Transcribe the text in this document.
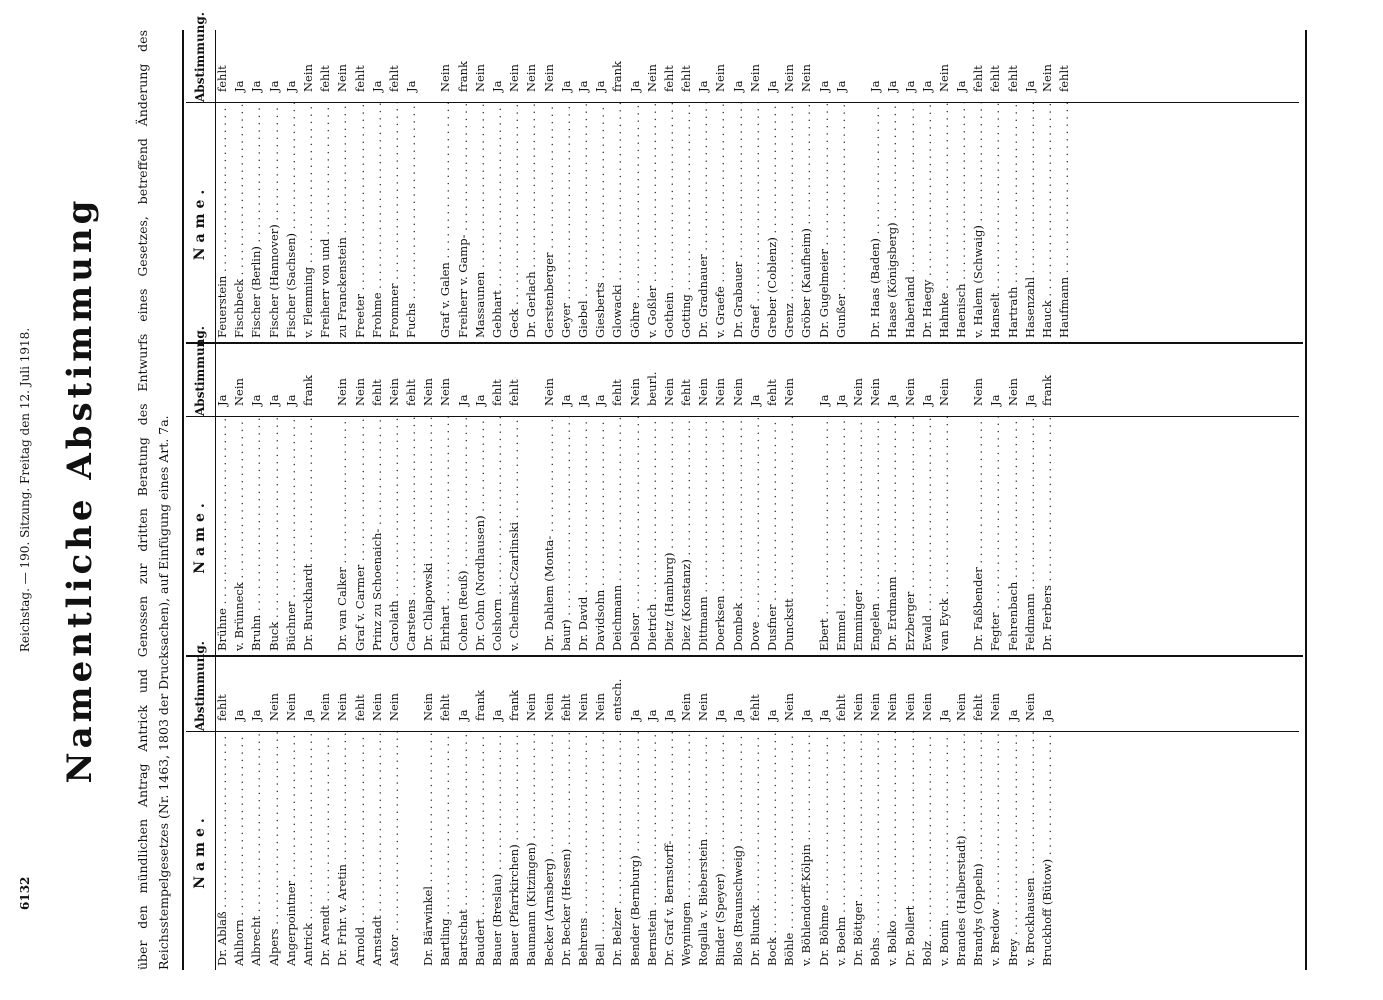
6132
Reichstag. — 190. Sitzung. Freitag den 12. Juli 1918. Namentliche Abstimmung	über den mündlichen Antrag Antrick und Genossen zur dritten Beratung des Entwurfs eines Gesetzes, betreffend Änderung des Reichsstempelgesetzes (Nr. 1463, 1803 der Drucksachen), auf Einfügung eines Art. 7a.	Name.
Abstimmung.
Dr. Ablaß . . .
fehlt
Ahlhorn . . .
Ja
Albrecht . . .
Ja
Alpers . . .
Nein
Angerpointner . . .
Nein
Antrick . . .
Ja
Dr. Arendt . . .
Nein
Dr. Frhr. v. Aretin . . .
Nein
Arnold . . .
fehlt
Arnstadt . . .
Nein
Astor . . .
Nein
Dr. Bärwinkel . . .
Nein
Bartling . . .
fehlt
Bartschat . . .
Ja
Baudert . . .
frank
Bauer (Breslau) . . .
Ja
Bauer (Pfarrkirchen) . . .
frank
Baumann (Kitzingen) . . .
Nein
Becker (Arnsberg) . . .
Nein
Dr. Becker (Hessen) . . .
fehlt
Behrens . . .
Nein
Bell . . .
Nein
Dr. Belzer . . .
entsch.
Bender (Bernburg) . . .
Ja
Bernstein . . .
Ja
Dr. Graf v. Bernstorff- . . .
Ja
Weyningen . . .
Nein
Rogalla v. Bieberstein . . .
Nein
Binder (Speyer) . . .
Ja
Blos (Braunschweig) . . .
Ja
Dr. Blunck . . .
fehlt
Bock . . .
Ja
Böhle . . .
Nein
v. Böhlendorff-Kölpin . . .
Ja
Dr. Böhme . . .
Ja
v. Boehn . . .
fehlt
Dr. Böttger . . .
Nein
Bohs . . .
Nein
v. Bolko . . .
Nein
Dr. Bollert . . .
Nein
Bolz . . .
Nein
v. Bonin . . .
Ja
Brandes (Halberstadt) . . .
Nein
Brandys (Oppeln) . . .
fehlt
v. Bredow . . .
Nein
Brey . . .
Ja
v. Brockhausen . . .
Nein
Bruckhoff (Bütow) . . .
Ja
Name.
Abstimmung.
Brühne . . .
Ja
v. Brünneck . . .
Nein
Bruhn . . .
Ja
Buck . . .
Ja
Büchner . . .
Ja
Dr. Burckhardt . . .
frank
Dr. van Calker . . .
Nein
Graf v. Carmer . . .
Nein
Prinz zu Schoenaich- . . .
fehlt
Carolath . . .
Nein
Carstens . . .
fehlt
Dr. Chlapowski . . .
Nein
Ehrhart . . .
Nein
Cohen (Reuß) . . .
Ja
Dr. Cohn (Nordhausen) . . .
Ja
Colshorn . . .
fehlt
v. Chelmski-Czarlinski . . .
fehlt
Dr. Dahlem (Monta- . . .
Nein
baur) . . .
Ja
Dr. David . . .
Ja
Davidsohn . . .
Ja
Deichmann . . .
fehlt
Delsor . . .
Nein
Dietrich . . .
beurl.
Dietz (Hamburg) . . .
Nein
Diez (Konstanz) . . .
fehlt
Dittmann . . .
Nein
Doerksen . . .
Nein
Dombek . . .
Nein
Dove . . .
Ja
Dusfner . . .
fehlt
Dunckstt . . .
Nein
Ebert . . .
Ja
Emmel . . .
Ja
Emminger . . .
Nein
Engelen . . .
Nein
Dr. Erdmann . . .
Ja
Erzberger . . .
Nein
Ewald . . .
Ja
van Eyck . . .
Nein
Dr. Faßbender . . .
Nein
Fegter . . .
Ja
Fehrenbach . . .
Nein
Feldmann . . .
Ja
Dr. Ferbers . . .
frank
Name.
Abstimmung.
Feuerstein . . .
fehlt
Fischbeck . . .
Ja
Fischer (Berlin) . . .
Ja
Fischer (Hannover) . . .
Ja
Fischer (Sachsen) . . .
Ja
v. Flemming . . .
Nein
Freiherr von und . . .
fehlt
zu Franckenstein . . .
Nein
Freeter . . .
fehlt
Frohme . . .
Ja
Frommer . . .
fehlt
Fuchs . . .
Ja
Graf v. Galen . . .
Nein
Freiherr v. Gamp- . . .
frank
Massaunen . . .
Nein
Gebhart . . .
Ja
Geck . . .
Nein
Dr. Gerlach . . .
Nein
Gerstenberger . . .
Nein
Geyer . . .
Ja
Giebel . . .
Ja
Giesberts . . .
Ja
Glowacki . . .
frank
Göhre . . .
Ja
v. Goßler . . .
Nein
Gothein . . .
fehlt
Gotting . . .
fehlt
Dr. Gradnauer . . .
Ja
v. Graefe . . .
Nein
Dr. Grabauer . . .
Ja
Graef . . .
Nein
Greber (Coblenz) . . .
Ja
Grenz . . .
Nein
Gröber (Kaufheim) . . .
Nein
Dr. Gugelmeier . . .
Ja
Gunßer . . .
Ja
Dr. Haas (Baden) . . .
Ja
Haase (Königsberg) . . .
Ja
Haberland . . .
Ja
Dr. Haegy . . .
Ja
Hahnke . . .
Nein
Haenisch . . .
Ja
v. Halem (Schwaig) . . .
fehlt
Hanselt . . .
fehlt
Hartrath . . .
fehlt
Hasenzahl . . .
Ja
Hauck . . .
Nein
Haufmann . . .
fehlt
